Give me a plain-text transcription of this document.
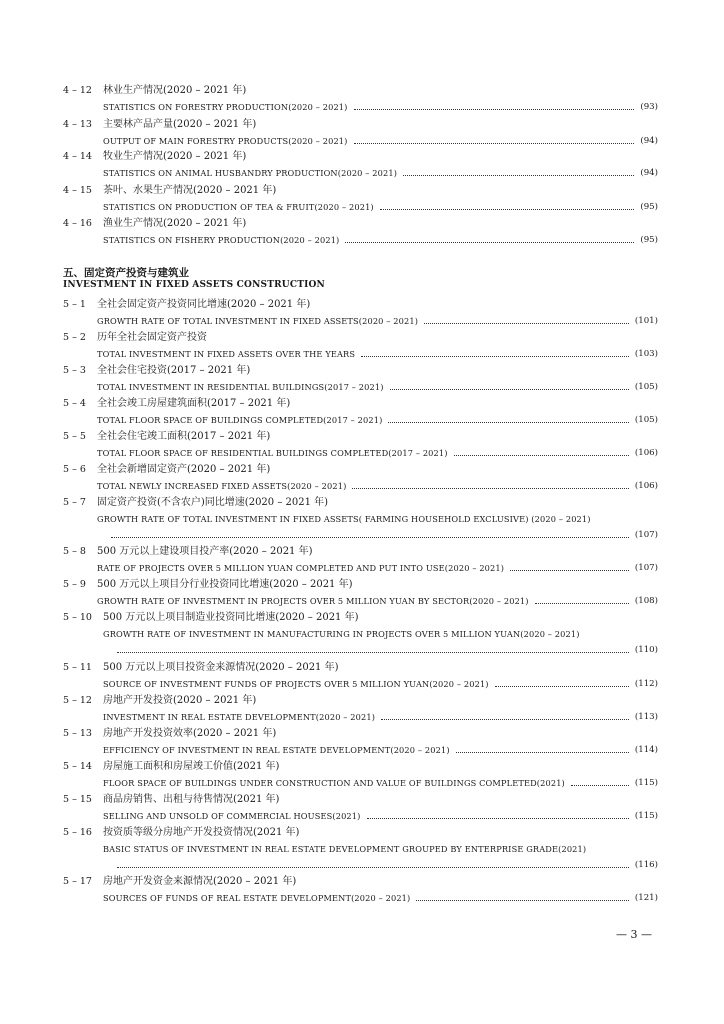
4 – 12 林业生产情况(2020 – 2021 年)
STATISTICS ON FORESTRY PRODUCTION(2020 – 2021)	(93)
4 – 13 主要林产品产量(2020 – 2021 年)
OUTPUT OF MAIN FORESTRY PRODUCTS(2020 – 2021)	(94)
4 – 14 牧业生产情况(2020 – 2021 年)
STATISTICS ON ANIMAL HUSBANDRY PRODUCTION(2020 – 2021)	(94)
4 – 15 茶叶、水果生产情况(2020 – 2021 年)
STATISTICS ON PRODUCTION OF TEA & FRUIT(2020 – 2021)	(95)
4 – 16 渔业生产情况(2020 – 2021 年)
STATISTICS ON FISHERY PRODUCTION(2020 – 2021)	(95)
五、固定资产投资与建筑业
INVESTMENT IN FIXED ASSETS CONSTRUCTION
5 – 1 全社会固定资产投资同比增速(2020 – 2021 年)
GROWTH RATE OF TOTAL INVESTMENT IN FIXED ASSETS(2020 – 2021)	(101)
5 – 2 历年全社会固定资产投资
TOTAL INVESTMENT IN FIXED ASSETS OVER THE YEARS	(103)
5 – 3 全社会住宅投资(2017 – 2021 年)
TOTAL INVESTMENT IN RESIDENTIAL BUILDINGS(2017 – 2021)	(105)
5 – 4 全社会竣工房屋建筑面积(2017 – 2021 年)
TOTAL FLOOR SPACE OF BUILDINGS COMPLETED(2017 – 2021)	(105)
5 – 5 全社会住宅竣工面积(2017 – 2021 年)
TOTAL FLOOR SPACE OF RESIDENTIAL BUILDINGS COMPLETED(2017 – 2021)	(106)
5 – 6 全社会新增固定资产(2020 – 2021 年)
TOTAL NEWLY INCREASED FIXED ASSETS(2020 – 2021)	(106)
5 – 7 固定资产投资(不含农户)同比增速(2020 – 2021 年)
GROWTH RATE OF TOTAL INVESTMENT IN FIXED ASSETS( FARMING HOUSEHOLD EXCLUSIVE) (2020 – 2021)
(107)
5 – 8 500 万元以上建设项目投产率(2020 – 2021 年)
RATE OF PROJECTS OVER 5 MILLION YUAN COMPLETED AND PUT INTO USE(2020 – 2021)	(107)
5 – 9 500 万元以上项目分行业投资同比增速(2020 – 2021 年)
GROWTH RATE OF INVESTMENT IN PROJECTS OVER 5 MILLION YUAN BY SECTOR(2020 – 2021)	(108)
5 – 10 500 万元以上项目制造业投资同比增速(2020 – 2021 年)
GROWTH RATE OF INVESTMENT IN MANUFACTURING IN PROJECTS OVER 5 MILLION YUAN(2020 – 2021)
(110)
5 – 11 500 万元以上项目投资金来源情况(2020 – 2021 年)
SOURCE OF INVESTMENT FUNDS OF PROJECTS OVER 5 MILLION YUAN(2020 – 2021)	(112)
5 – 12 房地产开发投资(2020 – 2021 年)
INVESTMENT IN REAL ESTATE DEVELOPMENT(2020 – 2021)	(113)
5 – 13 房地产开发投资效率(2020 – 2021 年)
EFFICIENCY OF INVESTMENT IN REAL ESTATE DEVELOPMENT(2020 – 2021)	(114)
5 – 14 房屋施工面积和房屋竣工价值(2021 年)
FLOOR SPACE OF BUILDINGS UNDER CONSTRUCTION AND VALUE OF BUILDINGS COMPLETED(2021)	(115)
5 – 15 商品房销售、出租与待售情况(2021 年)
SELLING AND UNSOLD OF COMMERCIAL HOUSES(2021)	(115)
5 – 16 按资质等级分房地产开发投资情况(2021 年)
BASIC STATUS OF INVESTMENT IN REAL ESTATE DEVELOPMENT GROUPED BY ENTERPRISE GRADE(2021)
(116)
5 – 17 房地产开发资金来源情况(2020 – 2021 年)
SOURCES OF FUNDS OF REAL ESTATE DEVELOPMENT(2020 – 2021)	(121)
— 3 —
